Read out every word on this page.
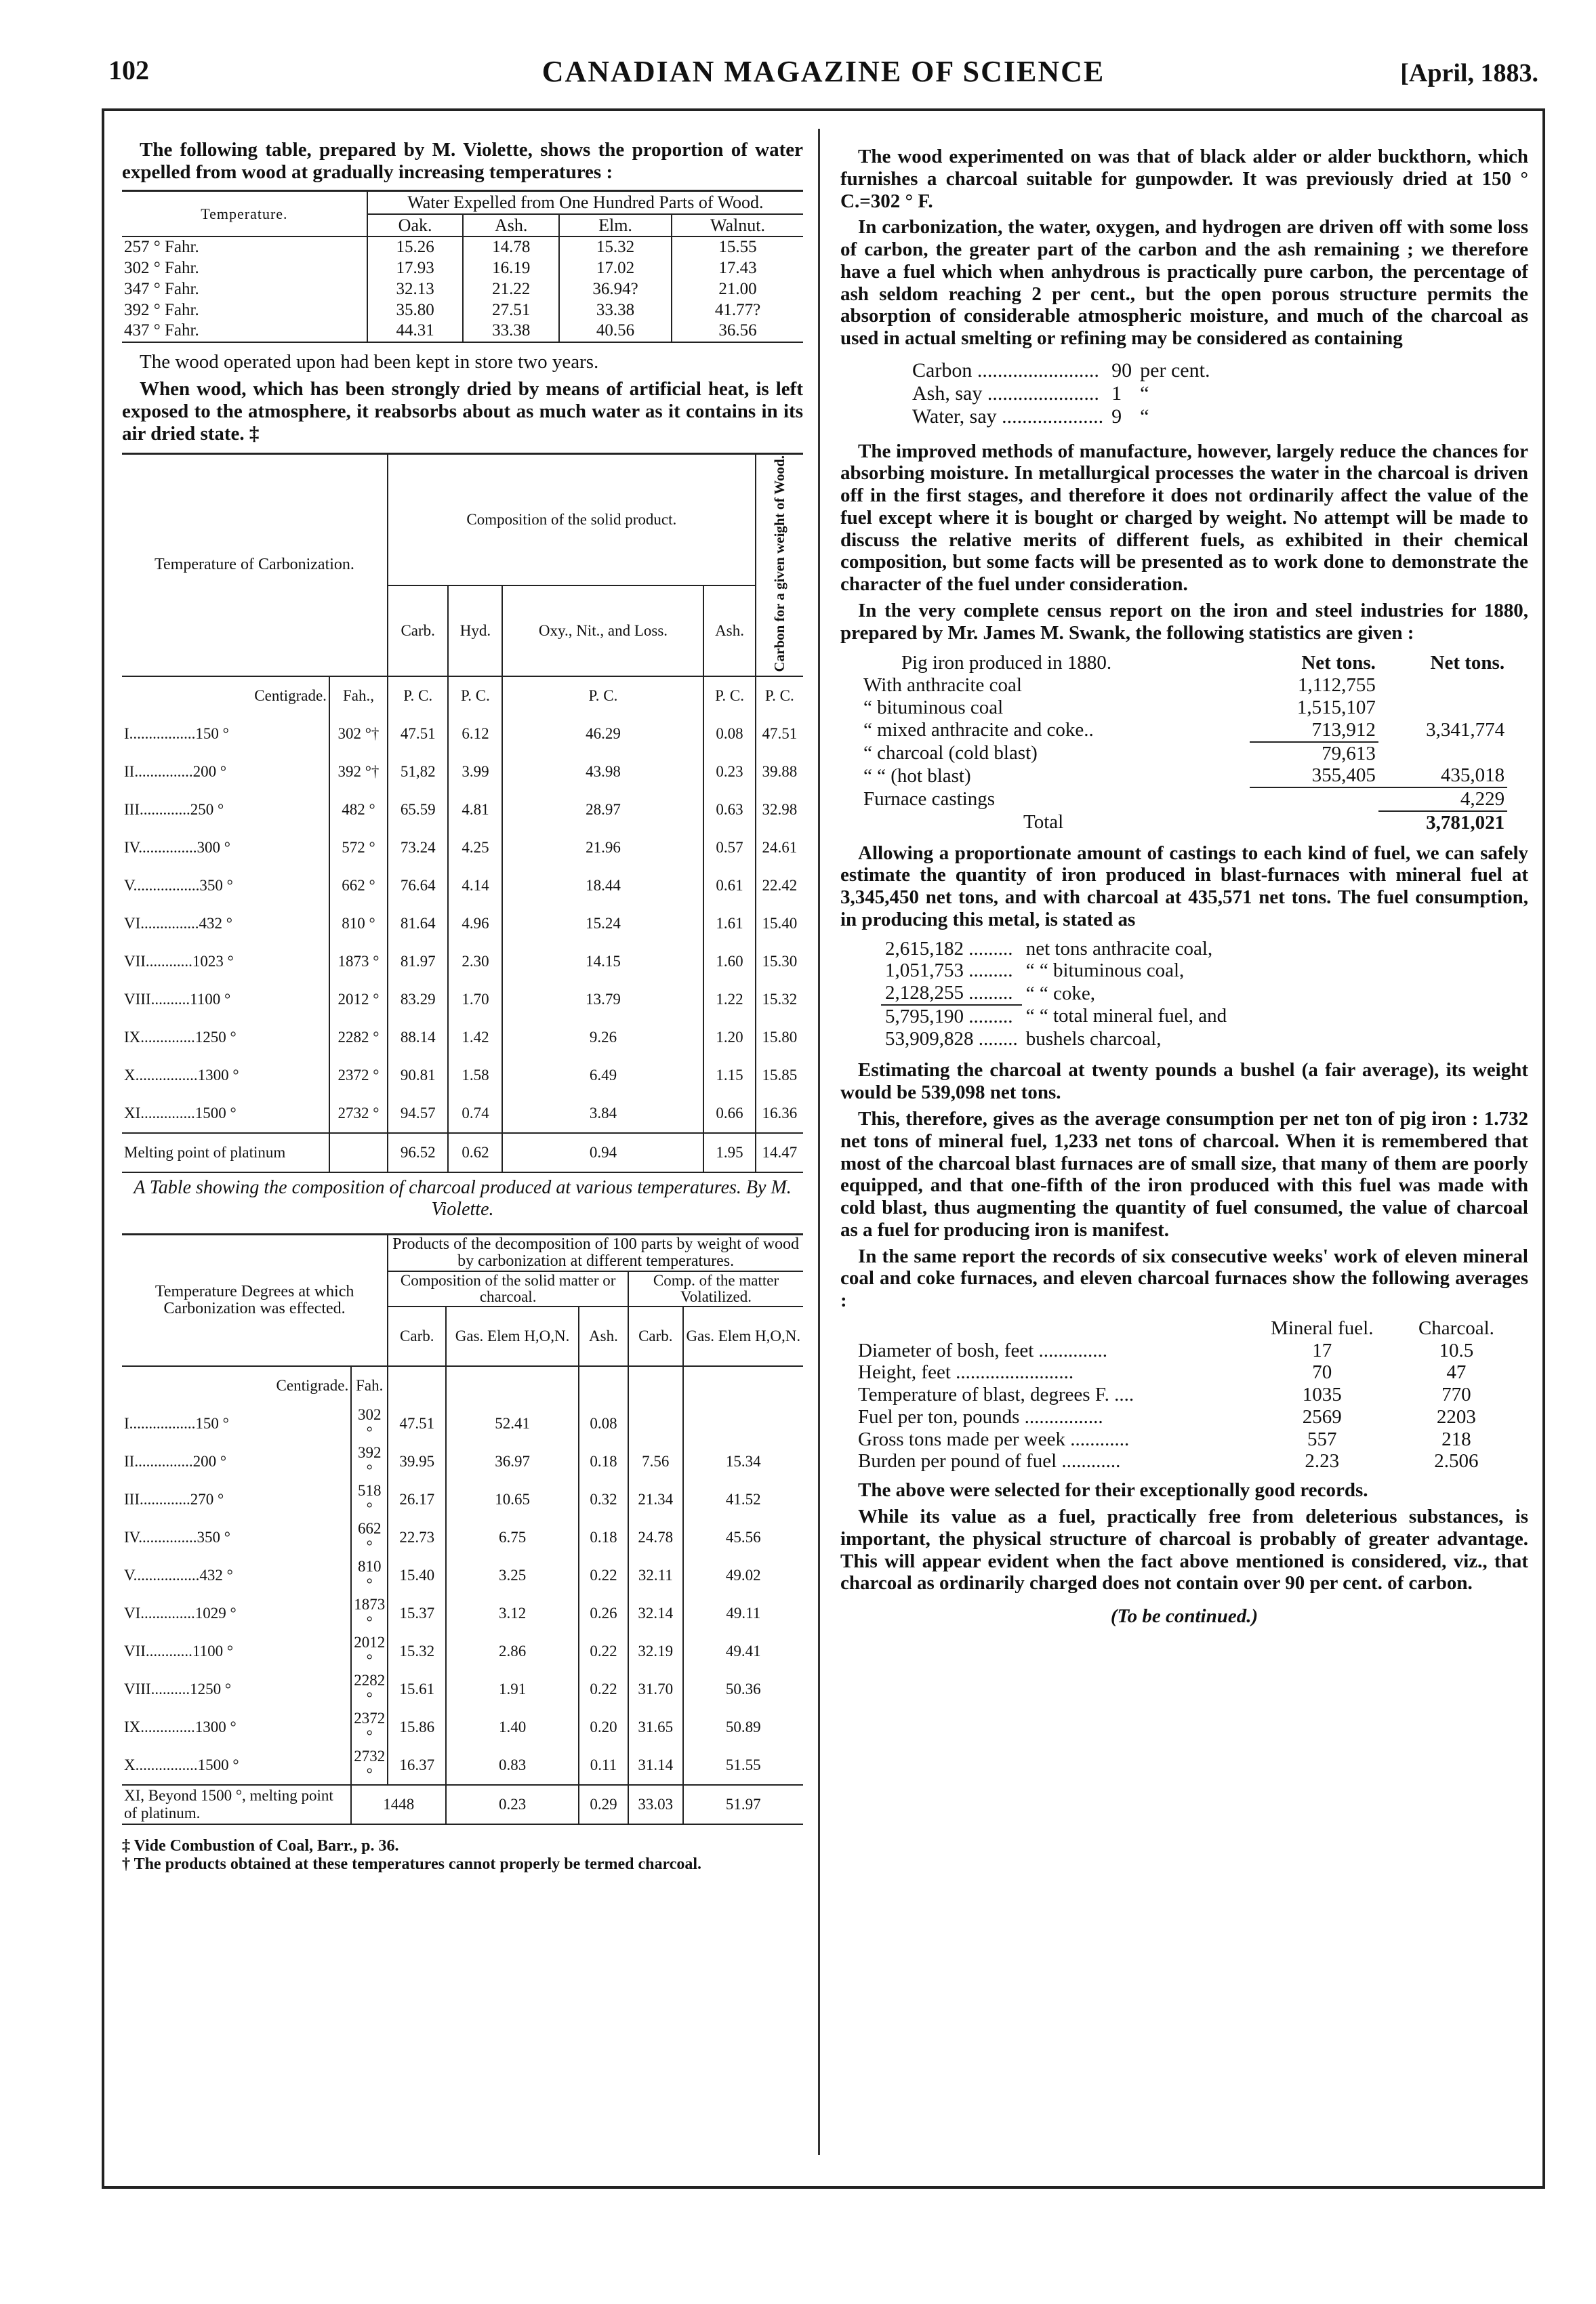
102	CANADIAN MAGAZINE OF SCIENCE	[April, 1883.

The following table, prepared by M. Violette, shows the proportion of water expelled from wood at gradually increasing temperatures :

Temperature.	Water Expelled from One Hundred Parts of Wood.			
	Oak.	Ash.	Elm.	Walnut.
257 ° Fahr.	15.26	14.78	15.32	15.55
302 ° Fahr.	17.93	16.19	17.02	17.43
347 ° Fahr.	32.13	21.22	36.94?	21.00
392 ° Fahr.	35.80	27.51	33.38	41.77?
437 ° Fahr.	44.31	33.38	40.56	36.56

The wood operated upon had been kept in store two years.

When wood, which has been strongly dried by means of artificial heat, is left exposed to the atmosphere, it reabsorbs about as much water as it contains in its air dried state. ‡

Temperature of Carbonization.		Composition of the solid product.				Carbon for a given weight of Wood.
		Carb.	Hyd.	Oxy., Nit., and Loss.	Ash.	
Centigrade.	Fah.,	P. C.	P. C.	P. C.	P. C.	P. C.
I.................150 °	302 °†	47.51	6.12	46.29	0.08	47.51
II...............200 °	392 °†	51,82	3.99	43.98	0.23	39.88
III.............250 °	482 °	65.59	4.81	28.97	0.63	32.98
IV...............300 °	572 °	73.24	4.25	21.96	0.57	24.61
V.................350 °	662 °	76.64	4.14	18.44	0.61	22.42
VI...............432 °	810 °	81.64	4.96	15.24	1.61	15.40
VII............1023 °	1873 °	81.97	2.30	14.15	1.60	15.30
VIII..........1100 °	2012 °	83.29	1.70	13.79	1.22	15.32
IX..............1250 °	2282 °	88.14	1.42	9.26	1.20	15.80
X................1300 °	2372 °	90.81	1.58	6.49	1.15	15.85
XI..............1500 °	2732 °	94.57	0.74	3.84	0.66	16.36
Melting point of platinum		96.52	0.62	0.94	1.95	14.47

A Table showing the composition of charcoal produced at various temperatures. By M. Violette.

Temperature Degrees at which Carbonization was effected.		Products of the decomposition of 100 parts by weight of wood by carbonization at different temperatures.				
		Composition of the solid matter or charcoal.			Comp. of the matter Volatilized.	
		Carb.	Gas. Elem H,O,N.	Ash.	Carb.	Gas. Elem H,O,N.
Centigrade.	Fah.					
I.................150 °	302 °	47.51	52.41	0.08		
II...............200 °	392 °	39.95	36.97	0.18	7.56	15.34
III.............270 °	518 °	26.17	10.65	0.32	21.34	41.52
IV...............350 °	662 °	22.73	6.75	0.18	24.78	45.56
V.................432 °	810 °	15.40	3.25	0.22	32.11	49.02
VI..............1029 °	1873 °	15.37	3.12	0.26	32.14	49.11
VII............1100 °	2012 °	15.32	2.86	0.22	32.19	49.41
VIII..........1250 °	2282 °	15.61	1.91	0.22	31.70	50.36
IX..............1300 °	2372 °	15.86	1.40	0.20	31.65	50.89
X................1500 °	2732 °	16.37	0.83	0.11	31.14	51.55
XI, Beyond 1500 °, melting point of platinum.	1448		0.23	0.29	33.03	51.97
‡ Vide Combustion of Coal, Barr., p. 36.
† The products obtained at these temperatures cannot properly be termed charcoal.

The wood experimented on was that of black alder or alder buckthorn, which furnishes a charcoal suitable for gunpowder. It was previously dried at 150 ° C.=302 ° F.

In carbonization, the water, oxygen, and hydrogen are driven off with some loss of carbon, the greater part of the carbon and the ash remaining ; we therefore have a fuel which when anhydrous is practically pure carbon, the percentage of ash seldom reaching 2 per cent., but the open porous structure permits the absorption of considerable atmospheric moisture, and much of the charcoal as used in actual smelting or refining may be considered as containing

Carbon ........................	90	per cent.
Ash, say ......................	1	“
Water, say ....................	9	“

The improved methods of manufacture, however, largely reduce the chances for absorbing moisture. In metallurgical processes the water in the charcoal is driven off in the first stages, and therefore it does not ordinarily affect the value of the fuel except where it is bought or charged by weight. No attempt will be made to discuss the relative merits of different fuels, as exhibited in their chemical composition, but some facts will be presented as to work done to demonstrate the character of the fuel under consideration.

In the very complete census report on the iron and steel industries for 1880, prepared by Mr. James M. Swank, the following statistics are given :

Pig iron produced in 1880.	Net tons.	Net tons.
With anthracite coal	1,112,755	
“ bituminous coal	1,515,107	
“ mixed anthracite and coke..	713,912	3,341,774
“ charcoal (cold blast)	79,613	
“ “ (hot blast)	355,405	435,018
Furnace castings		4,229
Total		3,781,021

Allowing a proportionate amount of castings to each kind of fuel, we can safely estimate the quantity of iron produced in blast-furnaces with mineral fuel at 3,345,450 net tons, and with charcoal at 435,571 net tons. The fuel consumption, in producing this metal, is stated as

2,615,182 .........	net tons anthracite coal,
1,051,753 .........	“ “ bituminous coal,
2,128,255 .........	“ “ coke,
5,795,190 .........	“ “ total mineral fuel, and
53,909,828 ........	bushels charcoal,

Estimating the charcoal at twenty pounds a bushel (a fair average), its weight would be 539,098 net tons.

This, therefore, gives as the average consumption per net ton of pig iron : 1.732 net tons of mineral fuel, 1,233 net tons of charcoal. When it is remembered that most of the charcoal blast furnaces are of small size, that many of them are poorly equipped, and that one-fifth of the iron produced with this fuel was made with cold blast, thus augmenting the quantity of fuel consumed, the value of charcoal as a fuel for producing iron is manifest.

In the same report the records of six consecutive weeks' work of eleven mineral coal and coke furnaces, and eleven charcoal furnaces show the following averages :

	Mineral fuel.	Charcoal.
Diameter of bosh, feet ..............	17	10.5
Height, feet ........................	70	47
Temperature of blast, degrees F. ....	1035	770
Fuel per ton, pounds ................	2569	2203
Gross tons made per week ............	557	218
Burden per pound of fuel ............	2.23	2.506

The above were selected for their exceptionally good records.

While its value as a fuel, practically free from deleterious substances, is important, the physical structure of charcoal is probably of greater advantage. This will appear evident when the fact above mentioned is considered, viz., that charcoal as ordinarily charged does not contain over 90 per cent. of carbon.

(To be continued.)
